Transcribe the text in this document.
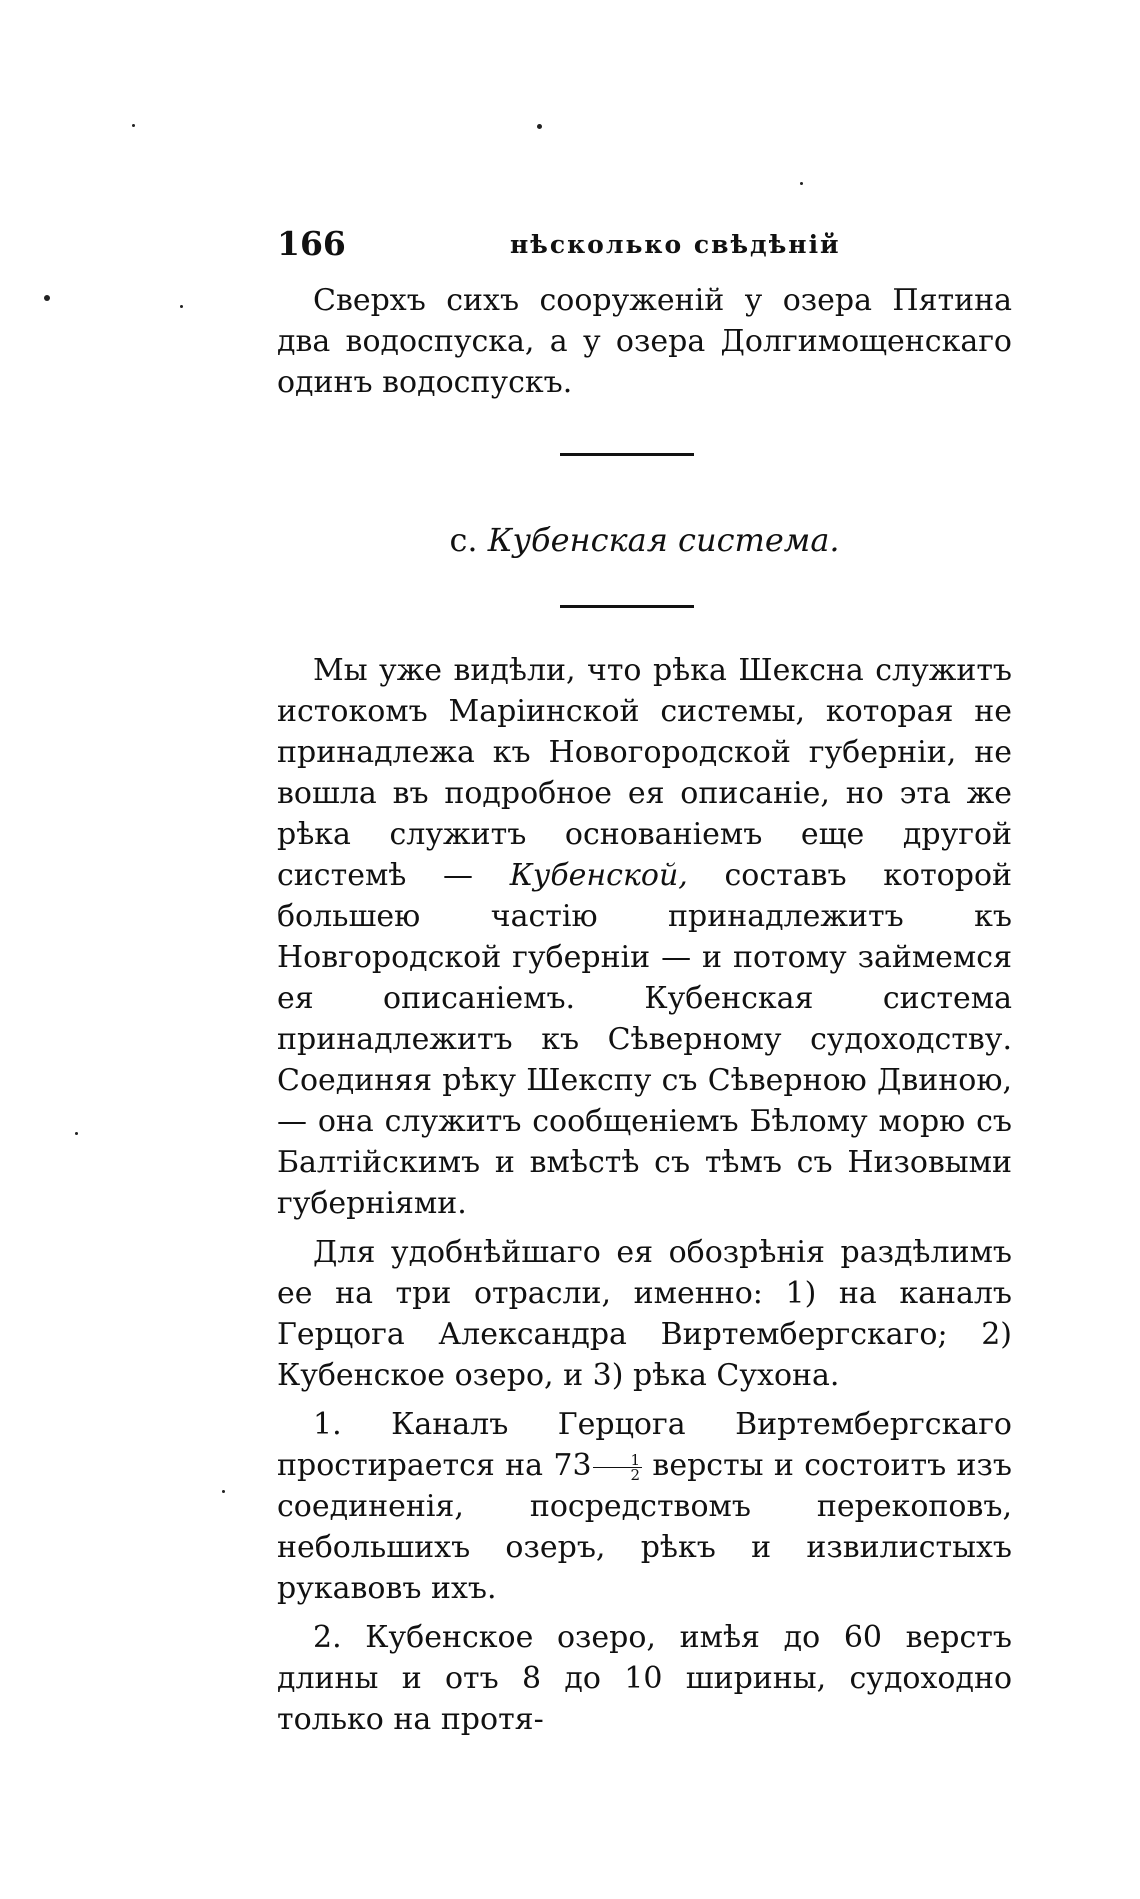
166	нѣсколько свѣдѣнiй

Сверхъ сихъ сооруженiй у озера Пятина два водоспуска, а у озера Долгимощенскаго одинъ водоспускъ.

c. Кубенская система.

Мы уже видѣли, что рѣка Шексна служитъ истокомъ Марiинской системы, которая не принадлежа къ Новогородской губернiи, не вошла въ подробное ея описанiе, но эта же рѣка служитъ основанiемъ еще другой системѣ — Кубенской, составъ которой большею частiю принадлежитъ къ Новгородской губернiи — и потому займемся ея описанiемъ. Кубенская система принадлежитъ къ Сѣверному судоходству. Соединяя рѣку Шекспу съ Сѣверною Двиною, — она служитъ сообщенiемъ Бѣлому морю съ Балтiйскимъ и вмѣстѣ съ тѣмъ съ Низовыми губернiями.

Для удобнѣйшаго ея обозрѣнiя раздѣлимъ ее на три отрасли, именно: 1) на каналъ Герцога Александра Виртембергскаго; 2) Кубенское озеро, и 3) рѣка Сухона.

1. Каналъ Герцога Виртембергскаго простирается на $73 \frac{1}{2}$ версты и состоитъ изъ соединенiя, посредствомъ перекоповъ, небольшихъ озеръ, рѣкъ и извилистыхъ рукавовъ ихъ.

2. Кубенское озеро, имѣя до 60 верстъ длины и отъ 8 до 10 ширины, судоходно только на протя-
